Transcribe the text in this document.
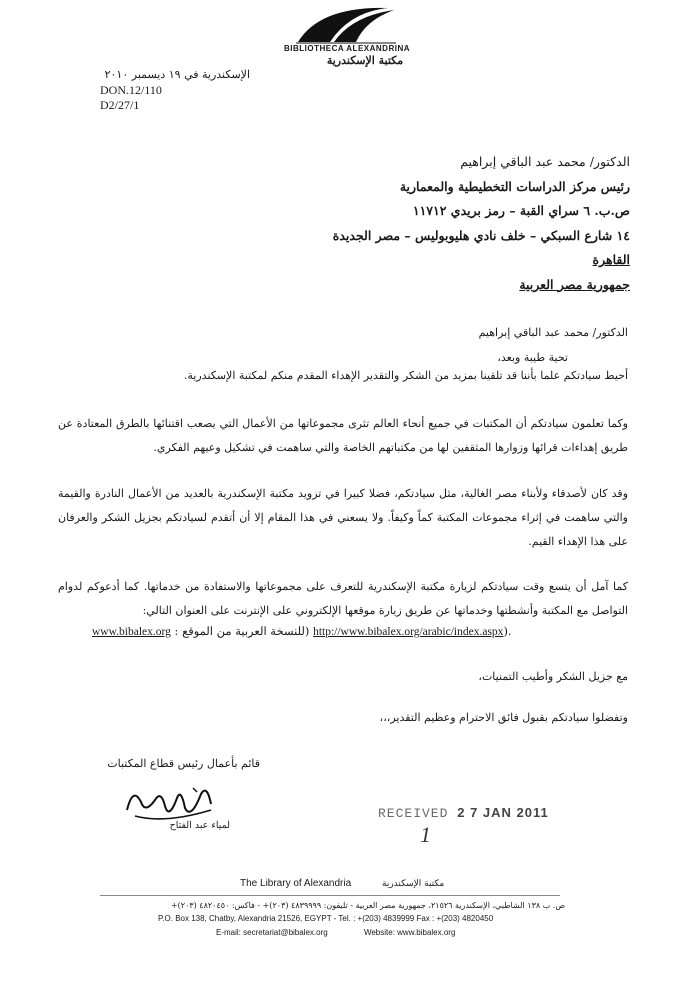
BIBLIOTHECA ALEXANDRINA
مكتبة الإسكندرية
الإسكندرية في ١٩ ديسمبر ٢٠١٠
DON.12/110
D2/27/1
الدكتور/ محمد عبد الباقي إبراهيم
رئيس مركز الدراسات التخطيطية والمعمارية
ص.ب. ٦ سراي القبة – رمز بريدي ١١٧١٢
١٤ شارع السبكي – خلف نادي هليوبوليس – مصر الجديدة
القاهرة
جمهورية مصر العربية
الدكتور/ محمد عبد الباقي إبراهيم
تحية طيبة وبعد،
أحيط سيادتكم علما بأننا قد تلقينا بمزيد من الشكر والتقدير الإهداء المقدم منكم لمكتبة الإسكندرية.
وكما تعلمون سيادتكم أن المكتبات في جميع أنحاء العالم تثرى مجموعاتها من الأعمال التي يصعب اقتنائها بالطرق المعتادة عن طريق إهداءات قرائها وزوارها المثقفين لها من مكتباتهم الخاصة والتي ساهمت في تشكيل وعيهم الفكري.
وقد كان لأصدقاء ولأبناء مصر الغالية، مثل سيادتكم، فضلا كبيرا في تزويد مكتبة الإسكندرية بالعديد من الأعمال النادرة والقيمة والتي ساهمت في إثراء مجموعات المكتبة كماً وكيفاً. ولا يسعني في هذا المقام إلا أن أتقدم لسيادتكم بجزيل الشكر والعرفان على هذا الإهداء القيم.
كما آمل أن يتسع وقت سيادتكم لزيارة مكتبة الإسكندرية للتعرف على مجموعاتها والاستفادة من خدماتها. كما أدعوكم لدوام التواصل مع المكتبة وأنشطتها وخدماتها عن طريق زيارة موقعها الإلكتروني على الإنترنت على العنوان التالي:
www.bibalex.org (للنسخة العربية من الموقع : http://www.bibalex.org/arabic/index.aspx).
مع جزيل الشكر وأطيب التمنيات،
وتفضلوا سيادتكم بقبول فائق الاحترام وعظيم التقدير،،،
قائم بأعمال رئيس قطاع المكتبات
لمياء عبد الفتاح
RECEIVED 2 7 JAN 2011
1
The Library of Alexandria	مكتبة الإسكندرية
ص. ب ١٣٨ الشاطبي، الإسكندرية ٢١٥٢٦، جمهورية مصر العربية - تليفون: ٤٨٣٩٩٩٩ (٢٠٣)+ - فاكس: ٤٨٢٠٤٥٠ (٢٠٣)+
P.O. Box 138, Chatby, Alexandria 21526, EGYPT - Tel. : +(203) 4839999 Fax : +(203) 4820450
E-mail: secretariat@bibalex.org	Website: www.bibalex.org
